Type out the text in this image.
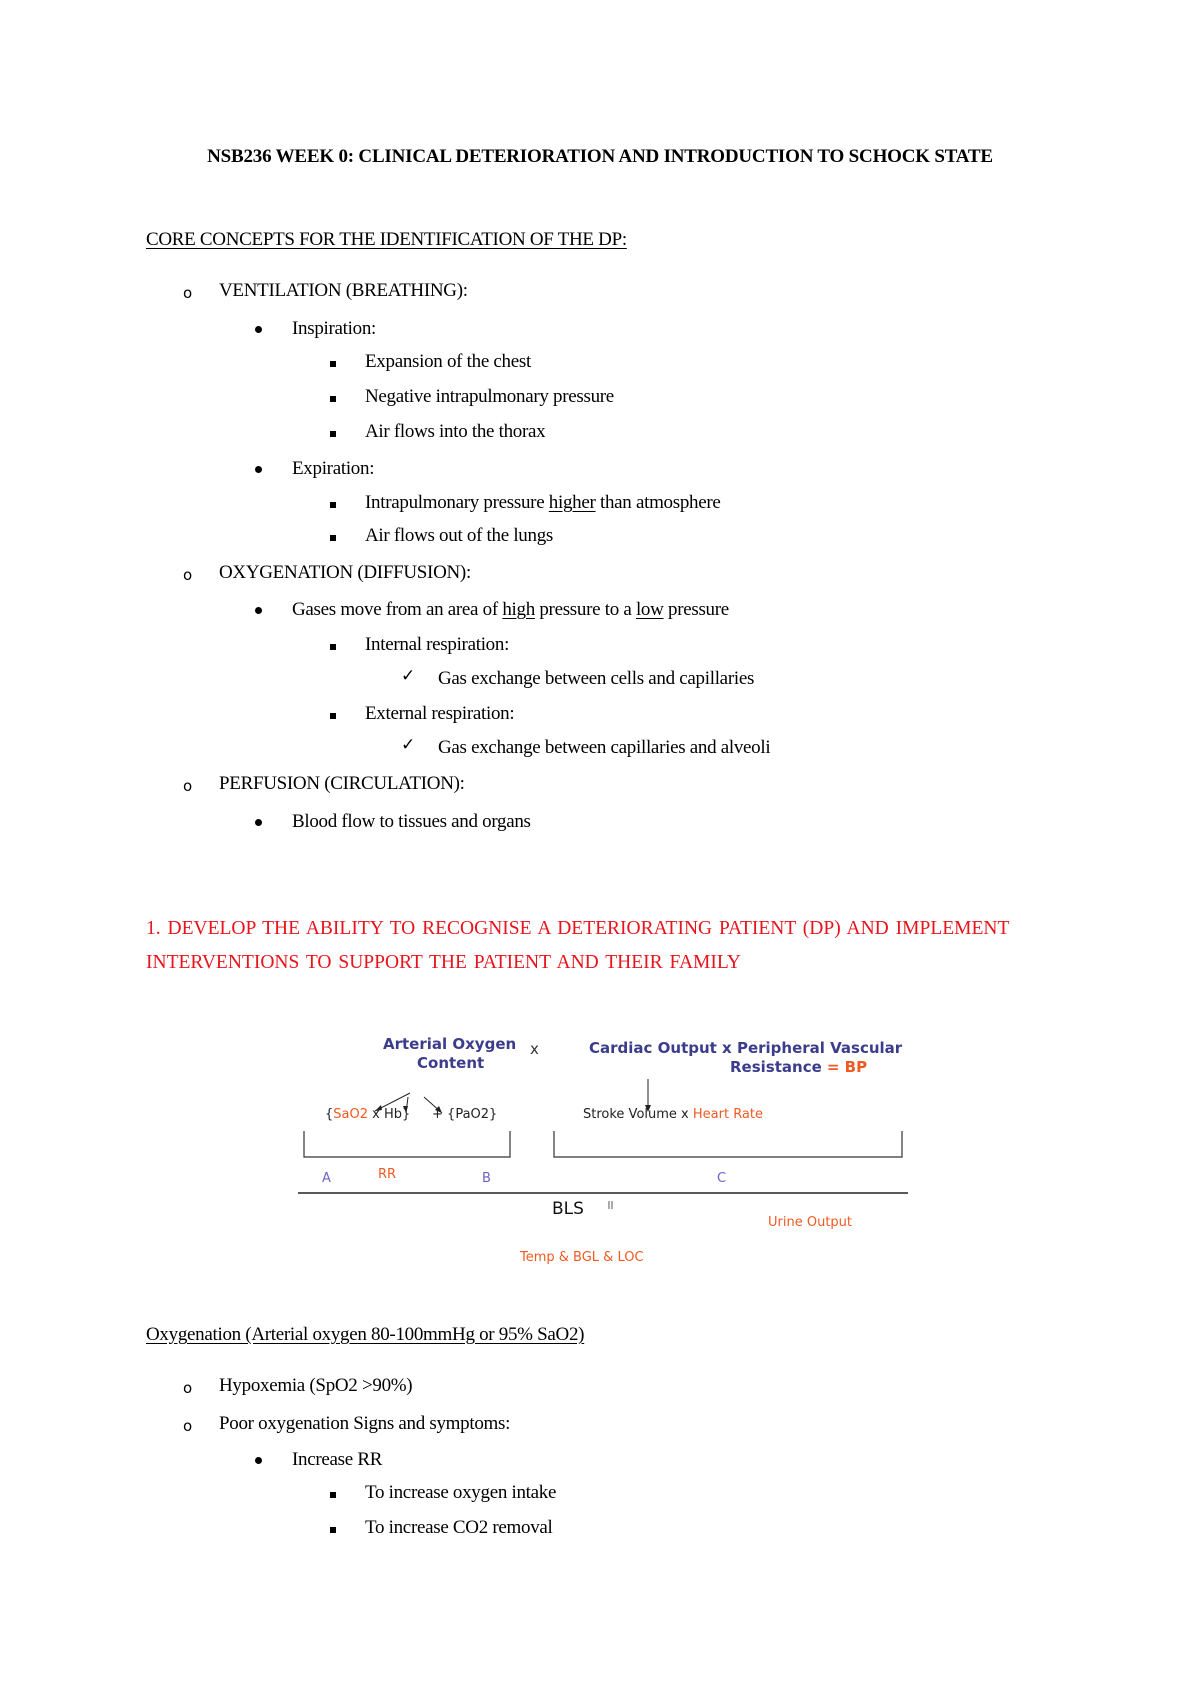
NSB236 WEEK 0: CLINICAL DETERIORATION AND INTRODUCTION TO SCHOCK STATE
CORE CONCEPTS FOR THE IDENTIFICATION OF THE DP:
o VENTILATION (BREATHING):
Inspiration:
Expansion of the chest
Negative intrapulmonary pressure
Air flows into the thorax
Expiration:
Intrapulmonary pressure higher than atmosphere
Air flows out of the lungs
o OXYGENATION (DIFFUSION):
Gases move from an area of high pressure to a low pressure
Internal respiration:
✓ Gas exchange between cells and capillaries
External respiration:
✓ Gas exchange between capillaries and alveoli
o PERFUSION (CIRCULATION):
Blood flow to tissues and organs
1. DEVELOP THE ABILITY TO RECOGNISE A DETERIORATING PATIENT (DP) AND IMPLEMENT INTERVENTIONS TO SUPPORT THE PATIENT AND THEIR FAMILY
Arterial Oxygen
Content
x	Cardiac Output x Peripheral Vascular
Resistance = BP
{SaO2 x Hb} + {PaO2}	Stroke Volume x Heart Rate
A	RR	B	C
BLS
Urine Output
Temp & BGL & LOC
Oxygenation (Arterial oxygen 80-100mmHg or 95% SaO2)
o Hypoxemia (SpO2 >90%)
o Poor oxygenation Signs and symptoms:
Increase RR
To increase oxygen intake
To increase CO2 removal
